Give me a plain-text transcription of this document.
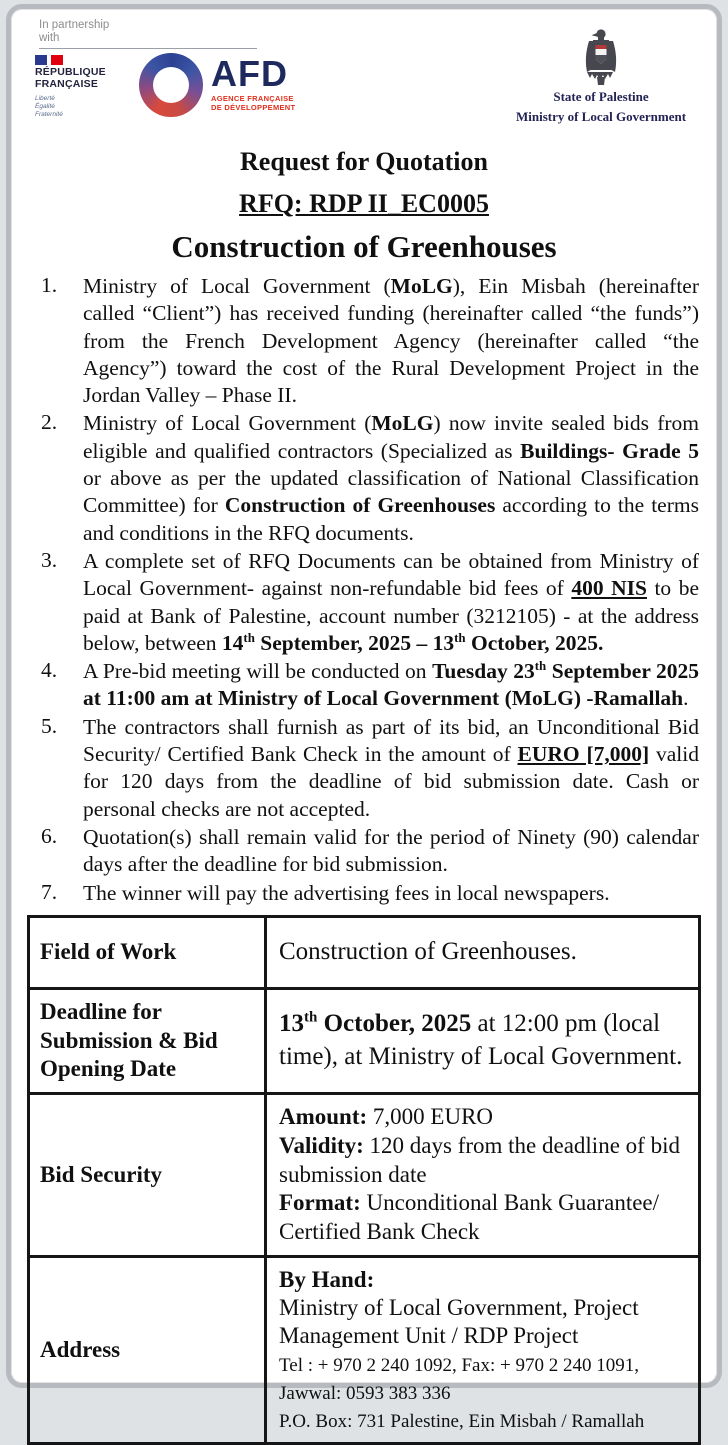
In partnership
with
RÉPUBLIQUE
FRANÇAISE
Liberté
Égalité
Fraternité
AFD
AGENCE FRANÇAISE
DE DÉVELOPPEMENT
State of Palestine
Ministry of Local Government
Request for Quotation
RFQ: RDP II_EC0005
Construction of Greenhouses
1.	Ministry of Local Government (MoLG), Ein Misbah (hereinafter called “Client”) has received funding (hereinafter called “the funds”) from the French Development Agency (hereinafter called “the Agency”) toward the cost of the Rural Development Project in the Jordan Valley – Phase II.
2.	Ministry of Local Government (MoLG) now invite sealed bids from eligible and qualified contractors (Specialized as Buildings- Grade 5 or above as per the updated classification of National Classification Committee) for Construction of Greenhouses according to the terms and conditions in the RFQ documents.
3.	A complete set of RFQ Documents can be obtained from Ministry of Local Government- against non-refundable bid fees of 400 NIS to be paid at Bank of Palestine, account number (3212105) - at the address below, between 14th September, 2025 – 13th October, 2025.
4.	A Pre-bid meeting will be conducted on Tuesday 23th September 2025 at 11:00 am at Ministry of Local Government (MoLG) -Ramallah.
5.	The contractors shall furnish as part of its bid, an Unconditional Bid Security/ Certified Bank Check in the amount of EURO [7,000] valid for 120 days from the deadline of bid submission date. Cash or personal checks are not accepted.
6.	Quotation(s) shall remain valid for the period of Ninety (90) calendar days after the deadline for bid submission.
7.	The winner will pay the advertising fees in local newspapers.
Field of Work	Construction of Greenhouses.

Deadline for Submission & Bid Opening Date	13th October, 2025 at 12:00 pm (local time), at Ministry of Local Government.

Bid Security	Amount: 7,000 EURO
Validity: 120 days from the deadline of bid submission date
Format: Unconditional Bank Guarantee/ Certified Bank Check

Address	By Hand:
Ministry of Local Government, Project Management Unit / RDP Project
Tel : + 970 2 240 1092, Fax: + 970 2 240 1091,
Jawwal: 0593 383 336
P.O. Box: 731 Palestine, Ein Misbah / Ramallah
